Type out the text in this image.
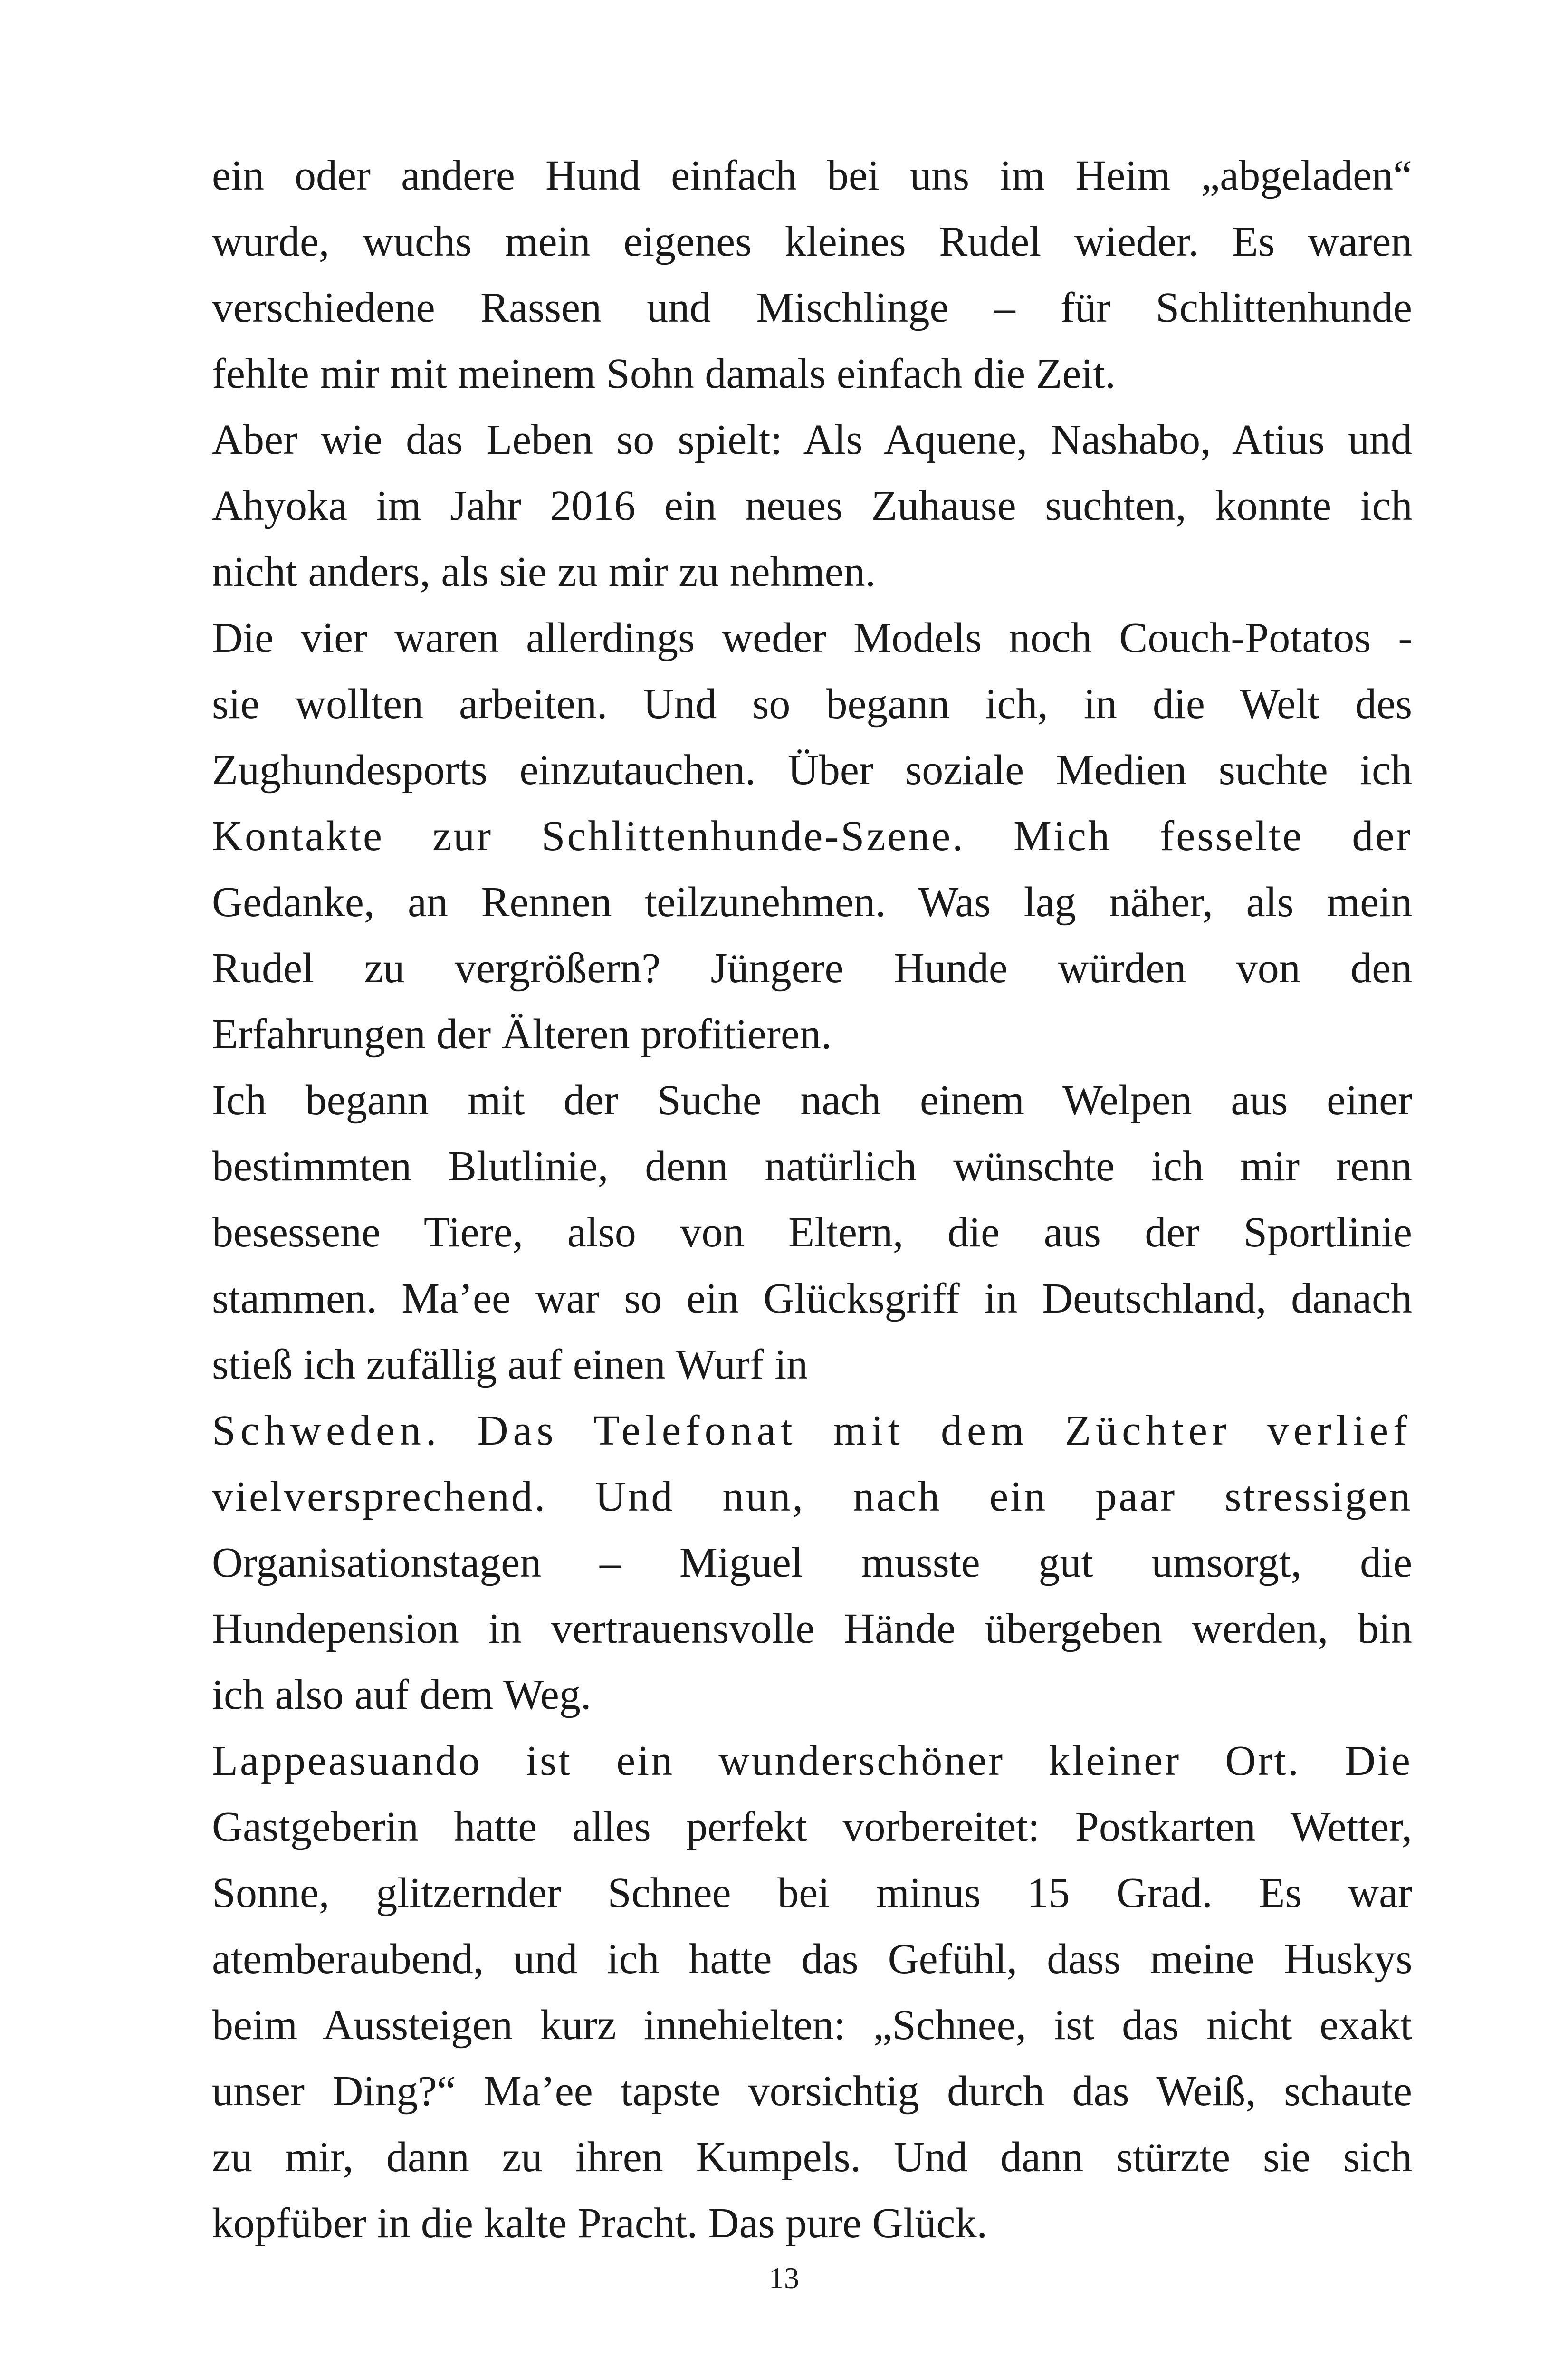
ein oder andere Hund einfach bei uns im Heim „abgeladen“
wurde, wuchs mein eigenes kleines Rudel wieder. Es waren
verschiedene Rassen und Mischlinge – für Schlittenhunde
fehlte mir mit meinem Sohn damals einfach die Zeit.
Aber wie das Leben so spielt: Als Aquene, Nashabo, Atius und
Ahyoka im Jahr 2016 ein neues Zuhause suchten, konnte ich
nicht anders, als sie zu mir zu nehmen.
Die vier waren allerdings weder Models noch Couch-Potatos -
sie wollten arbeiten. Und so begann ich, in die Welt des
Zughundesports einzutauchen. Über soziale Medien suchte ich
Kontakte zur Schlittenhunde-Szene. Mich fesselte der
Gedanke, an Rennen teilzunehmen. Was lag näher, als mein
Rudel zu vergrößern? Jüngere Hunde würden von den
Erfahrungen der Älteren profitieren.
Ich begann mit der Suche nach einem Welpen aus einer
bestimmten Blutlinie, denn natürlich wünschte ich mir renn
besessene Tiere, also von Eltern, die aus der Sportlinie
stammen. Ma’ee war so ein Glücksgriff in Deutschland, danach
stieß ich zufällig auf einen Wurf in
Schweden. Das Telefonat mit dem Züchter verlief
vielversprechend. Und nun, nach ein paar stressigen
Organisationstagen – Miguel musste gut umsorgt, die
Hundepension in vertrauensvolle Hände übergeben werden, bin
ich also auf dem Weg.
Lappeasuando ist ein wunderschöner kleiner Ort. Die
Gastgeberin hatte alles perfekt vorbereitet: Postkarten Wetter,
Sonne, glitzernder Schnee bei minus 15 Grad. Es war
atemberaubend, und ich hatte das Gefühl, dass meine Huskys
beim Aussteigen kurz innehielten: „Schnee, ist das nicht exakt
unser Ding?“ Ma’ee tapste vorsichtig durch das Weiß, schaute
zu mir, dann zu ihren Kumpels. Und dann stürzte sie sich
kopfüber in die kalte Pracht. Das pure Glück.
13
